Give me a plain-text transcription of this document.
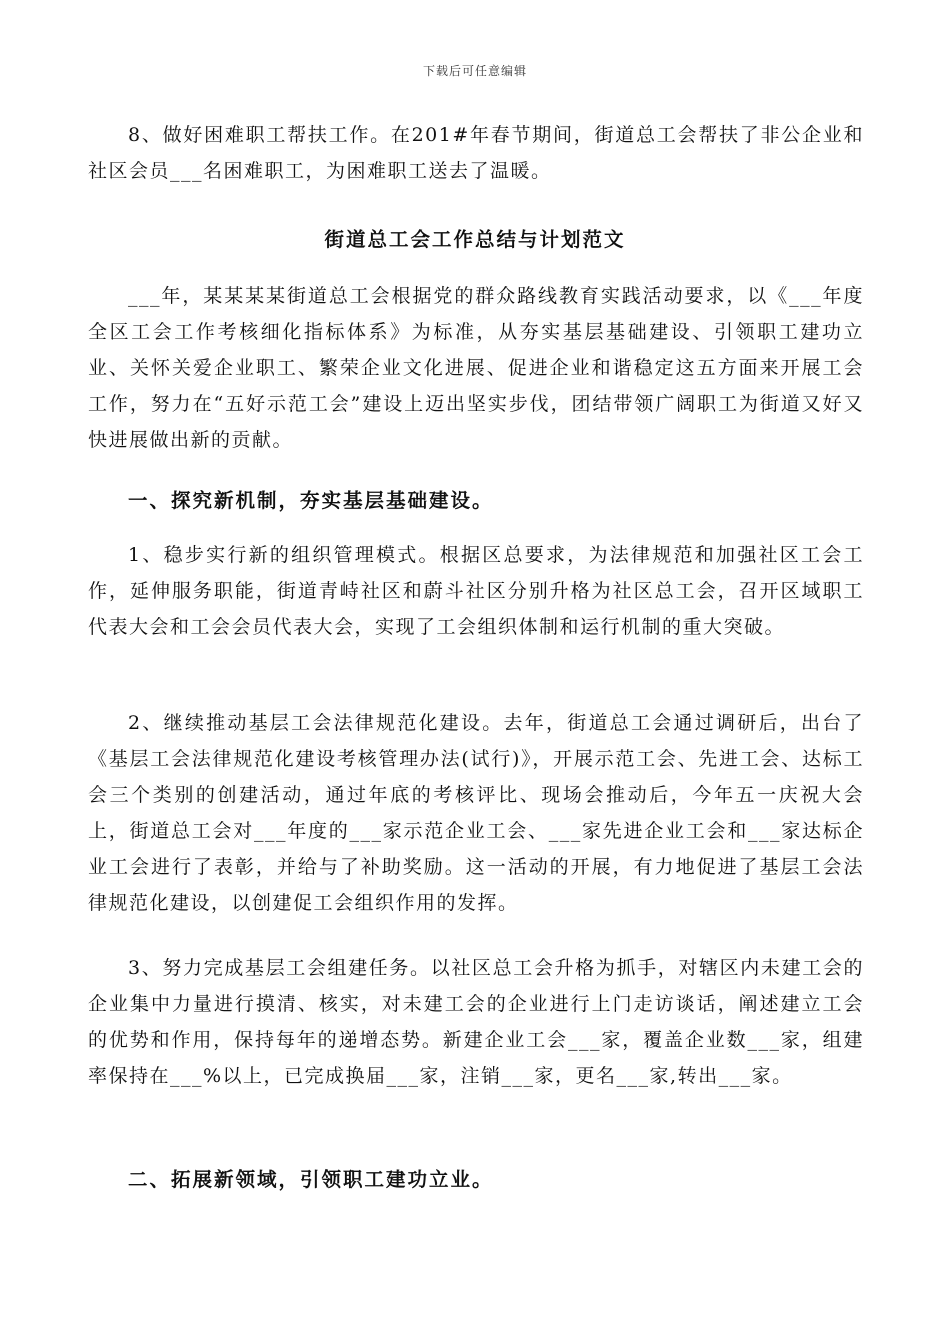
下载后可任意编辑

8、做好困难职工帮扶工作。在201#年春节期间，街道总工会帮扶了非公企业和社区会员___名困难职工，为困难职工送去了温暖。

街道总工会工作总结与计划范文

___年，某某某某街道总工会根据党的群众路线教育实践活动要求，以《___年度全区工会工作考核细化指标体系》为标准，从夯实基层基础建设、引领职工建功立业、关怀关爱企业职工、繁荣企业文化进展、促进企业和谐稳定这五方面来开展工会工作，努力在“五好示范工会”建设上迈出坚实步伐，团结带领广阔职工为街道又好又快进展做出新的贡献。

一、探究新机制，夯实基层基础建设。

1、稳步实行新的组织管理模式。根据区总要求，为法律规范和加强社区工会工作，延伸服务职能，街道青峙社区和蔚斗社区分别升格为社区总工会，召开区域职工代表大会和工会会员代表大会，实现了工会组织体制和运行机制的重大突破。

2、继续推动基层工会法律规范化建设。去年，街道总工会通过调研后，出台了《基层工会法律规范化建设考核管理办法(试行)》，开展示范工会、先进工会、达标工会三个类别的创建活动，通过年底的考核评比、现场会推动后，今年五一庆祝大会上，街道总工会对___年度的___家示范企业工会、___家先进企业工会和___家达标企业工会进行了表彰，并给与了补助奖励。这一活动的开展，有力地促进了基层工会法律规范化建设，以创建促工会组织作用的发挥。

3、努力完成基层工会组建任务。以社区总工会升格为抓手，对辖区内未建工会的企业集中力量进行摸清、核实，对未建工会的企业进行上门走访谈话，阐述建立工会的优势和作用，保持每年的递增态势。新建企业工会___家，覆盖企业数___家，组建率保持在___%以上，已完成换届___家，注销___家，更名___家,转出___家。

二、拓展新领域，引领职工建功立业。
